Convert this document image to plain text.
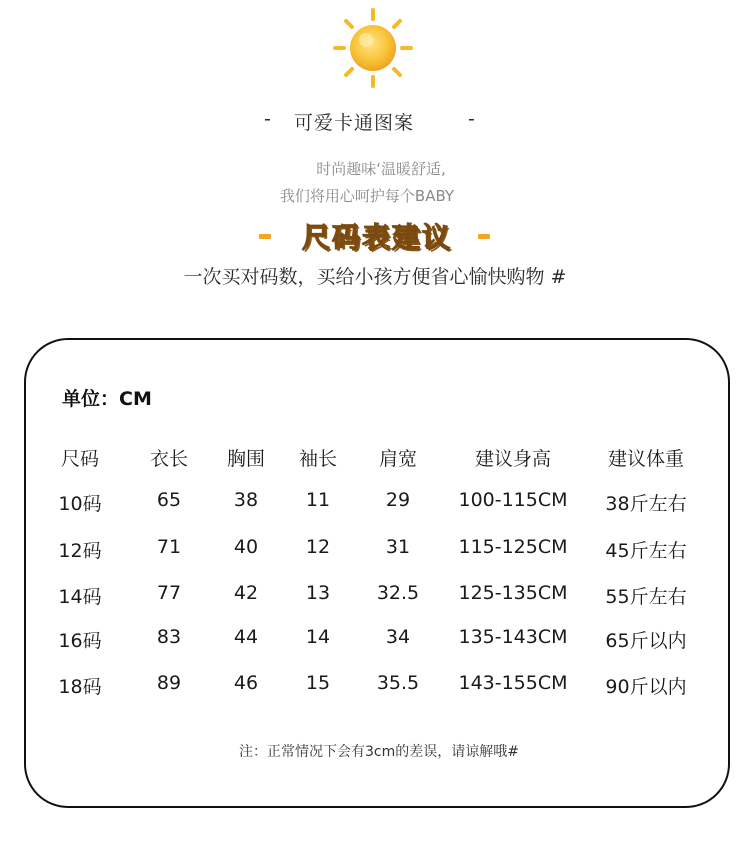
- 可爱卡通图案	-
时尚趣味‘温暖舒适,
我们将用心呵护每个BABY
尺码表建议
一次买对码数，买给小孩方便省心愉快购物 #
单位：CM
尺码	衣长 胸围 袖长 肩宽	建议身高	建议体重
10码	65	38	11	29	100-115CM 38斤左右
12码	71	40	12	31	115-125CM 45斤左右
14码	77	42	13 32.5 125-135CM 55斤左右
16码	83	44	14	34	135-143CM 65斤以内
18码	89	46	15 35.5 143-155CM 90斤以内
注：正常情况下会有3cm的差误，请谅解哦#
